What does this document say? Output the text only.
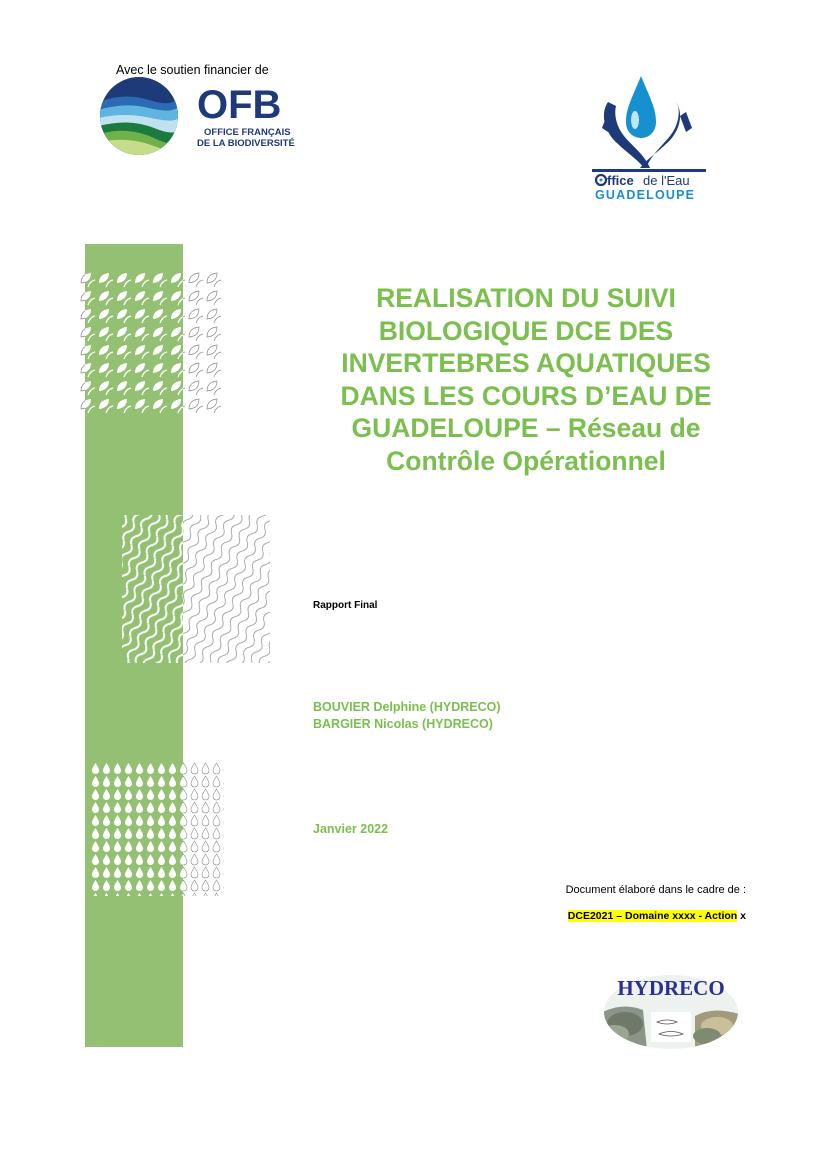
Avec le soutien financier de
OFB
OFFICE FRANÇAIS
DE LA BIODIVERSITÉ
ffice de l'Eau
GUADELOUPE
REALISATION DU SUIVI
BIOLOGIQUE DCE DES
INVERTEBRES AQUATIQUES
DANS LES COURS D’EAU DE
GUADELOUPE – Réseau de
Contrôle Opérationnel
Rapport Final
BOUVIER Delphine (HYDRECO)
BARGIER Nicolas (HYDRECO)
Janvier 2022
Document élaboré dans le cadre de :
DCE2021 – Domaine xxxx - Action x
HYDRECO
